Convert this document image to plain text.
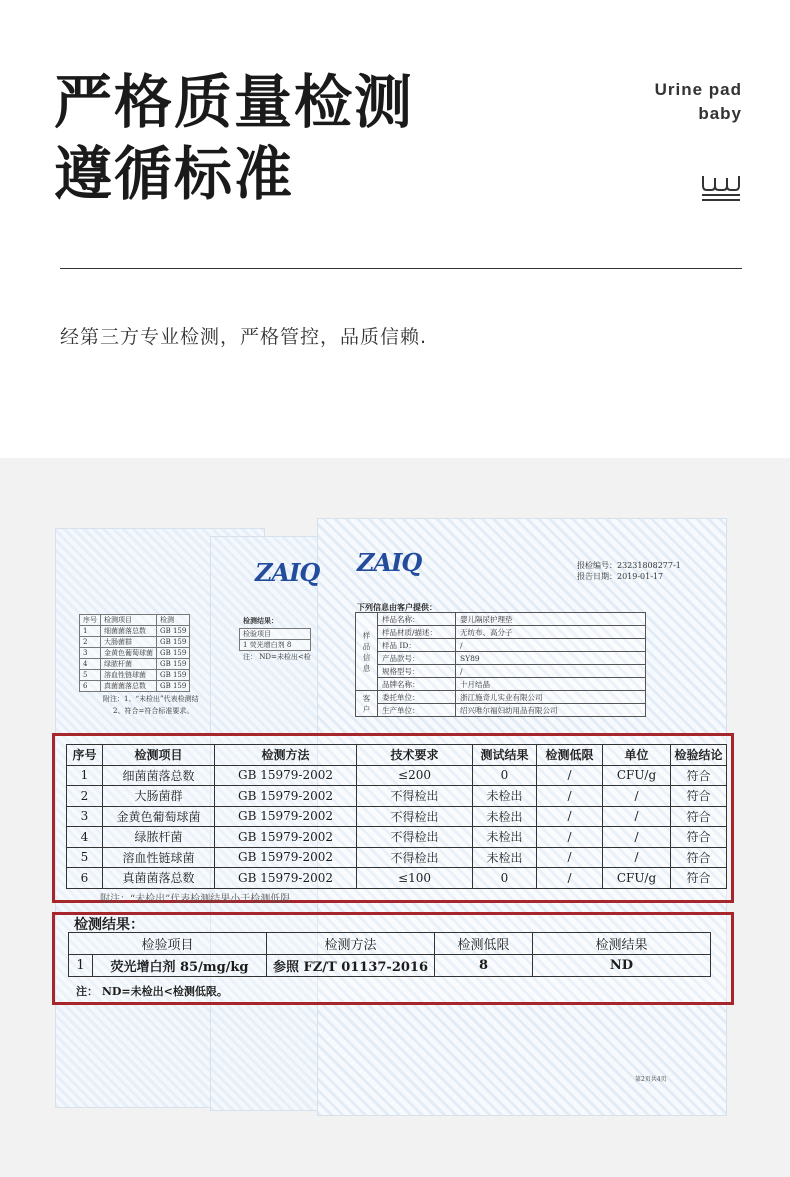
严格质量检测
遵循标准
Urine pad
baby
经第三方专业检测，严格管控，品质信赖.
ZAIQ ZAIQ
序号	检测项目	检测
1	细菌菌落总数	GB 159
2	大肠菌群	GB 159
3	金黄色葡萄球菌	GB 159
4	绿脓杆菌	GB 159
5	溶血性链球菌	GB 159
6	真菌菌落总数	GB 159
附注：1、“未检出”代表检测结
2、符合=符合标准要求。
检测结果：
检验项目
1 荧光增白剂 8
注： ND=未检出<检
报检编号：23231808277-1
报告日期：2019-01-17
下列信息由客户提供：
样品信息	样品名称：	婴儿隔尿护理垫
	样品材质/描述：	无纺布、高分子
	样品 ID：	/
	产品款号：	SY89
	规格型号：	/
	品牌名称：	十月结晶
客户	委托单位：	浙江施奇儿实业有限公司
	生产单位：	绍兴唯尔福妇幼用品有限公司
第2页共4页
序号	检测项目	检测方法	技术要求	测试结果	检测低限	单位	检验结论
1	细菌菌落总数	GB 15979-2002	≤200	0	/	CFU/g	符合
2	大肠菌群	GB 15979-2002	不得检出	未检出	/	/	符合
3	金黄色葡萄球菌	GB 15979-2002	不得检出	未检出	/	/	符合
4	绿脓杆菌	GB 15979-2002	不得检出	未检出	/	/	符合
5	溶血性链球菌	GB 15979-2002	不得检出	未检出	/	/	符合
6	真菌菌落总数	GB 15979-2002	≤100	0	/	CFU/g	符合
附注：“未检出”代表检测结果小于检测低限
检测结果：
检验项目		检测方法	检测低限	检测结果
1	荧光增白剂 85/mg/kg	参照 FZ/T 01137-2016	8	ND
注： ND=未检出<检测低限。
